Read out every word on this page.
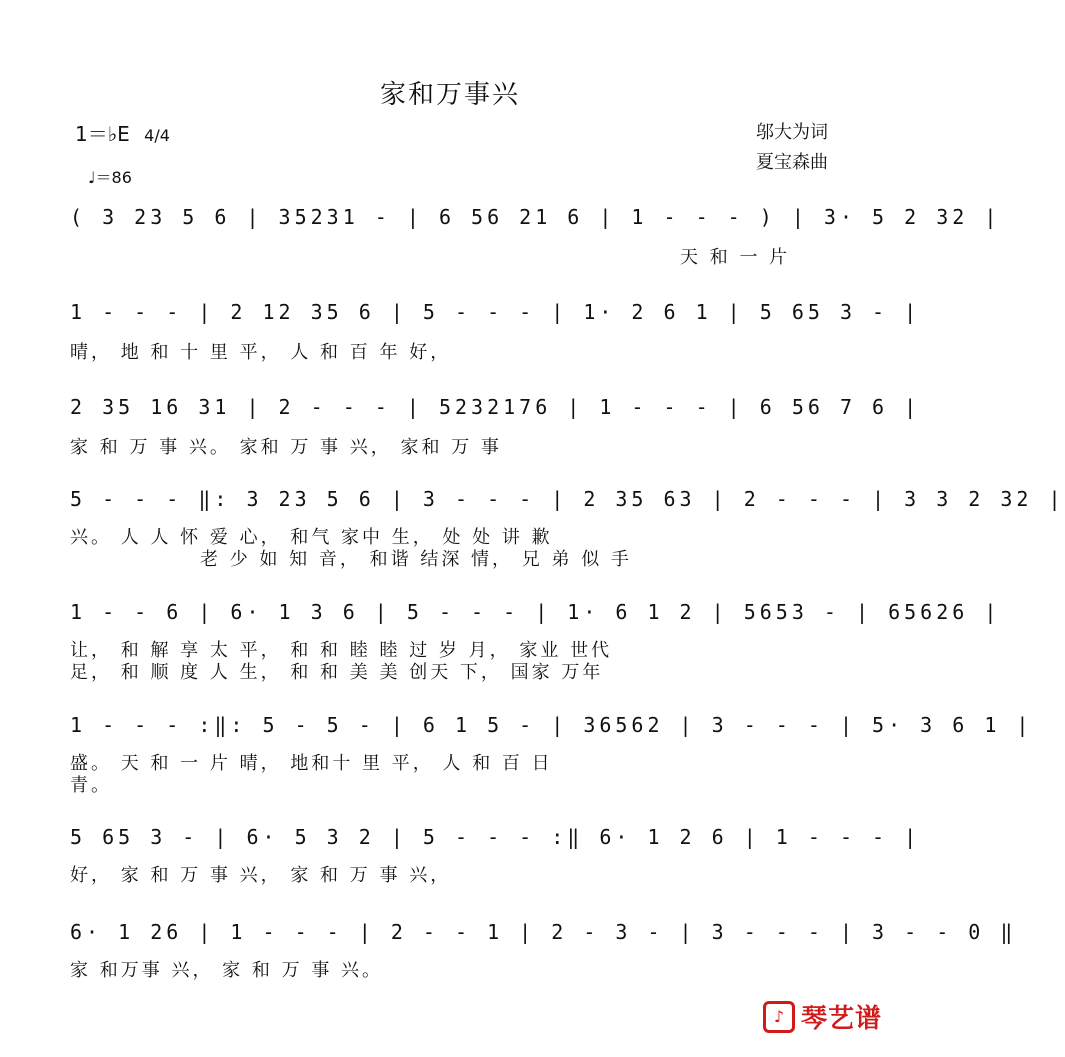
家和万事兴
1＝♭E 4/4
♩＝86
邬大为词
夏宝森曲
( 3 23 5 6 | 35231 - | 6 56 21 6 | 1 - - - ) | 3· 5 2 32 |
天 和 一 片
1 - - - | 2 12 35 6 | 5 - - - | 1· 2 6 1 | 5 65 3 - |
晴， 地 和 十 里 平， 人 和 百 年 好，
2 35 16 31 | 2 - - - | 5232176 | 1 - - - | 6 56 7 6 |
家 和 万 事 兴。 家和 万 事 兴， 家和 万 事
5 - - - ‖: 3 23 5 6 | 3 - - - | 2 35 63 | 2 - - - | 3 3 2 32 |
兴。 人 人 怀 爱 心， 和气 家中 生， 处 处 讲 歉
老 少 如 知 音， 和谐 结深 情， 兄 弟 似 手
1 - - 6 | 6· 1 3 6 | 5 - - - | 1· 6 1 2 | 5653 - | 65626 |
让， 和 解 享 太 平， 和 和 睦 睦 过 岁 月， 家业 世代
足， 和 顺 度 人 生， 和 和 美 美 创天 下， 国家 万年
1 - - - :‖: 5 - 5 - | 6 1 5 - | 36562 | 3 - - - | 5· 3 6 1 |
盛。 天 和 一 片 晴， 地和十 里 平， 人 和 百 日
青。
5 65 3 - | 6· 5 3 2 | 5 - - - :‖ 6· 1 2 6 | 1 - - - |
好， 家 和 万 事 兴， 家 和 万 事 兴，
6· 1 26 | 1 - - - | 2 - - 1 | 2 - 3 - | 3 - - - | 3 - - 0 ‖
家 和万事 兴， 家 和 万 事 兴。
♪ 琴艺谱
